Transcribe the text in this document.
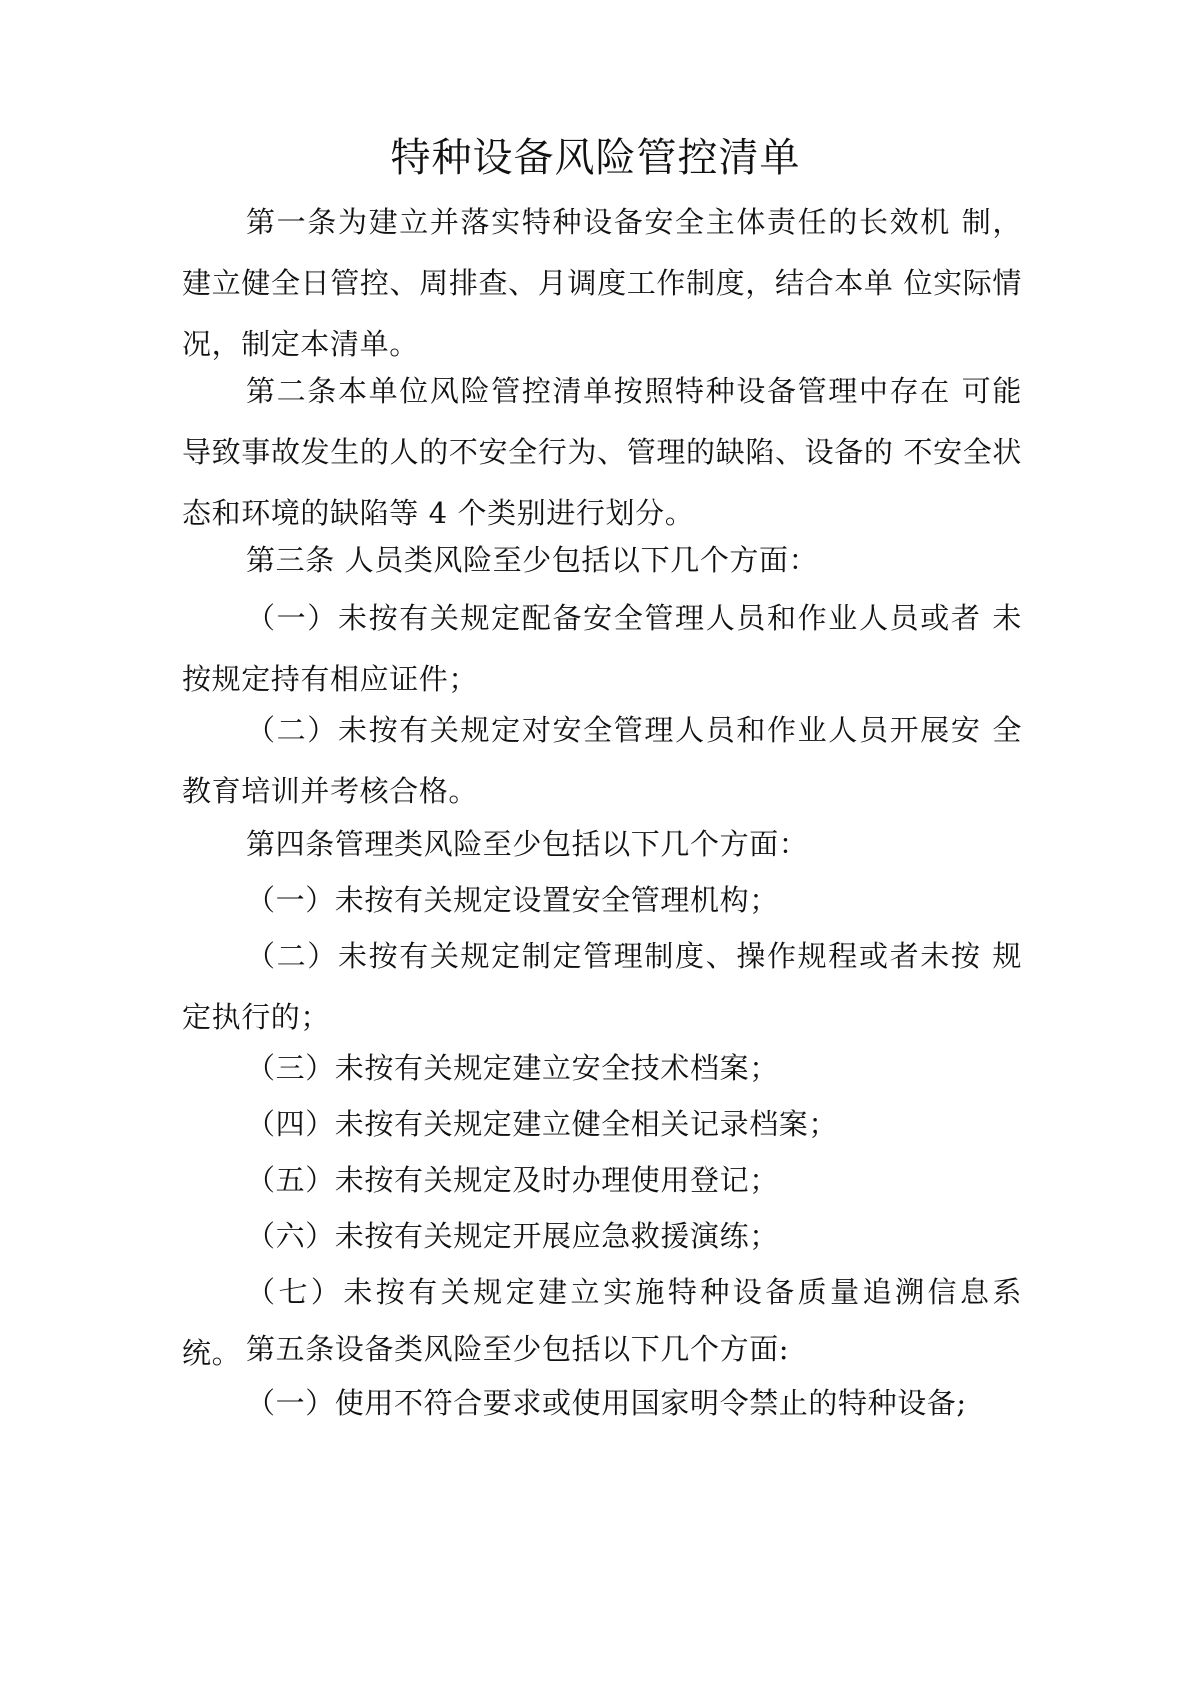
特种设备风险管控清单

第一条为建立并落实特种设备安全主体责任的长效机 制，建立健全日管控、周排查、月调度工作制度，结合本单 位实际情况，制定本清单。

第二条本单位风险管控清单按照特种设备管理中存在 可能导致事故发生的人的不安全行为、管理的缺陷、设备的 不安全状态和环境的缺陷等 4 个类别进行划分。

第三条 人员类风险至少包括以下几个方面：

（一）未按有关规定配备安全管理人员和作业人员或者 未按规定持有相应证件；

（二）未按有关规定对安全管理人员和作业人员开展安 全教育培训并考核合格。

第四条管理类风险至少包括以下几个方面：

（一）未按有关规定设置安全管理机构；

（二）未按有关规定制定管理制度、操作规程或者未按 规定执行的；

（三）未按有关规定建立安全技术档案；

（四）未按有关规定建立健全相关记录档案；

（五）未按有关规定及时办理使用登记；

（六）未按有关规定开展应急救援演练；

（七）未按有关规定建立实施特种设备质量追溯信息系 统。 第五条设备类风险至少包括以下几个方面:

（一）使用不符合要求或使用国家明令禁止的特种设备;
